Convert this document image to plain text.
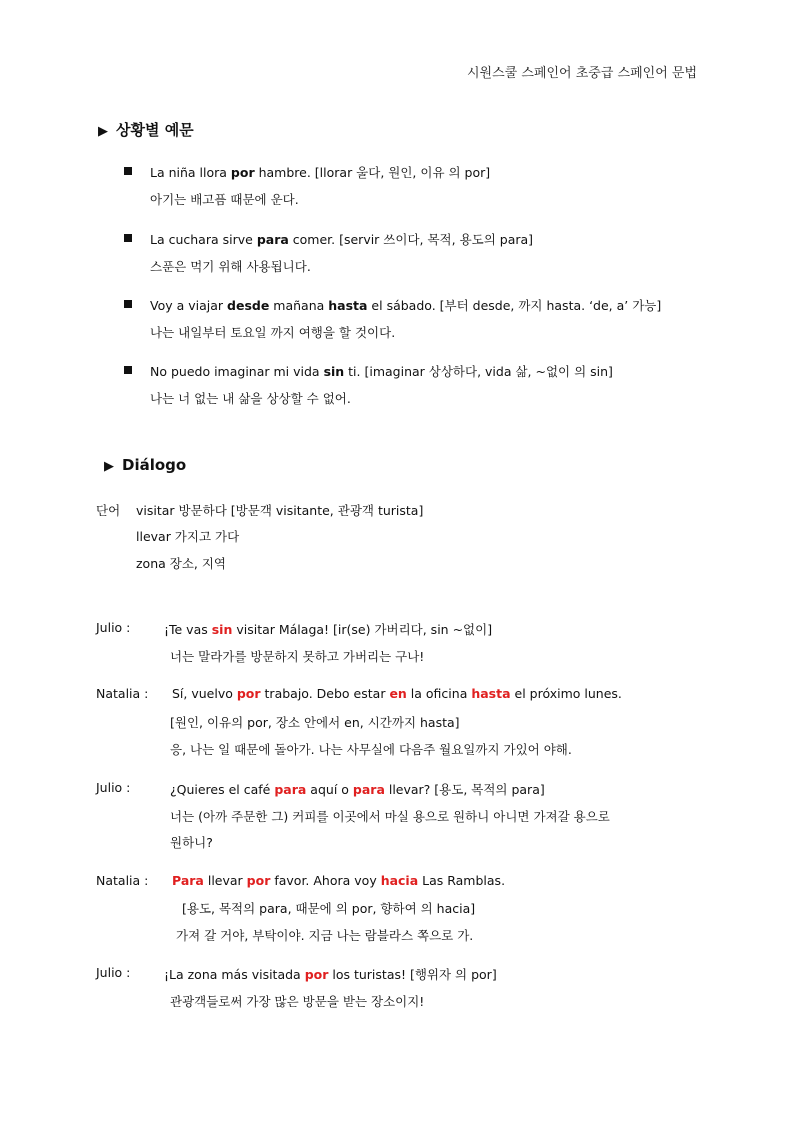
시원스쿨 스페인어 초중급 스페인어 문법
▶ 상황별 예문
La niña llora por hambre. [llorar 울다, 원인, 이유 의 por]
아기는 배고픔 때문에 운다.
La cuchara sirve para comer. [servir 쓰이다, 목적, 용도의 para]
스푼은 먹기 위해 사용됩니다.
Voy a viajar desde mañana hasta el sábado. [부터 desde, 까지 hasta. ‘de, a’ 가능]
나는 내일부터 토요일 까지 여행을 할 것이다.
No puedo imaginar mi vida sin ti. [imaginar 상상하다, vida 삶, ~없이 의 sin]
나는 너 없는 내 삶을 상상할 수 없어.
▶ Diálogo
단어 visitar 방문하다 [방문객 visitante, 관광객 turista]
llevar 가지고 가다
zona 장소, 지역
Julio :	¡Te vas sin visitar Málaga! [ir(se) 가버리다, sin ~없이]
너는 말라가를 방문하지 못하고 가버리는 구나!
Natalia : Sí, vuelvo por trabajo. Debo estar en la oficina hasta el próximo lunes.
[원인, 이유의 por, 장소 안에서 en, 시간까지 hasta]
응, 나는 일 때문에 돌아가. 나는 사무실에 다음주 월요일까지 가있어 야해.
Julio :	¿Quieres el café para aquí o para llevar? [용도, 목적의 para]
너는 (아까 주문한 그) 커피를 이곳에서 마실 용으로 원하니 아니면 가져갈 용으로
원하니?
Natalia : Para llevar por favor. Ahora voy hacia Las Ramblas.
[용도, 목적의 para, 때문에 의 por, 향하여 의 hacia]
가져 갈 거야, 부탁이야. 지금 나는 람블라스 쪽으로 가.
Julio :	¡La zona más visitada por los turistas! [행위자 의 por]
관광객들로써 가장 많은 방문을 받는 장소이지!
